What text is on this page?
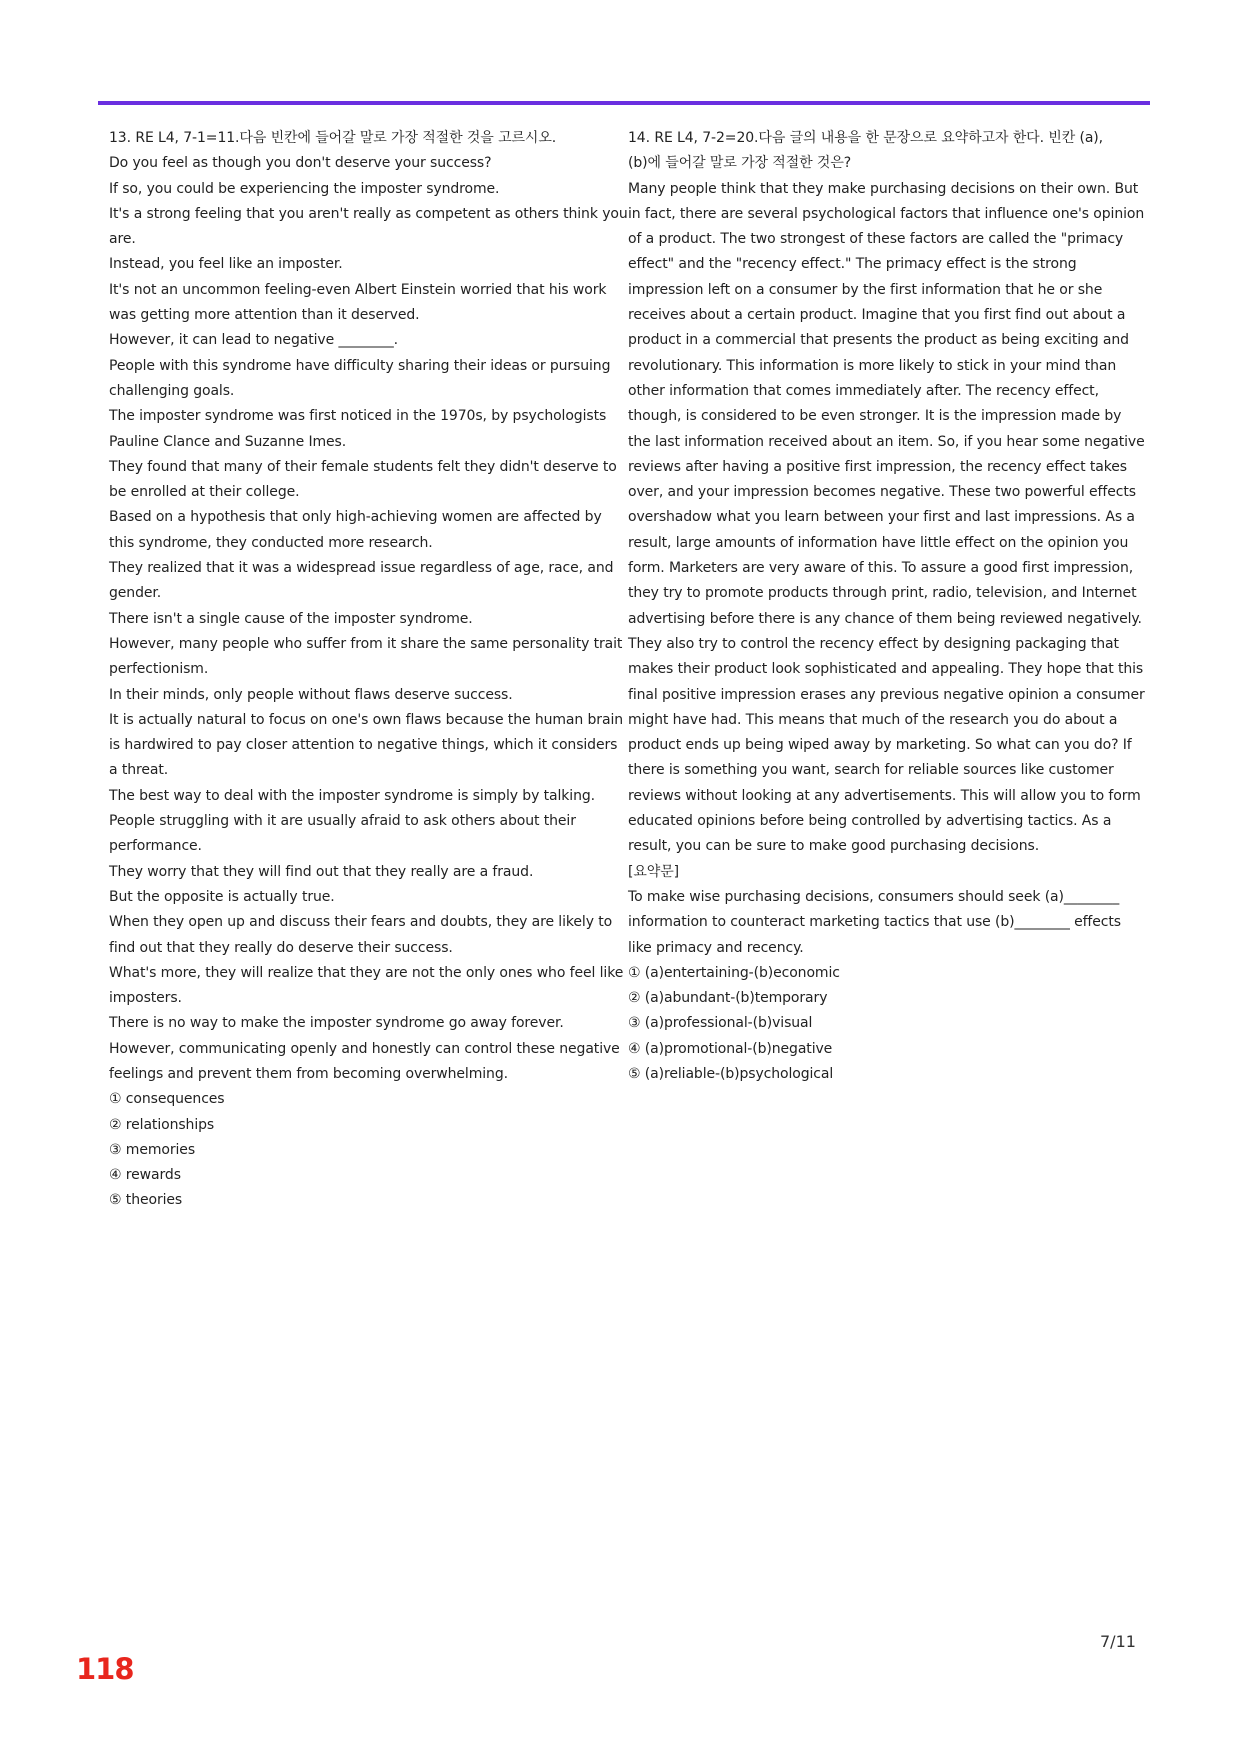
13. RE L4, 7-1=11.다음 빈칸에 들어갈 말로 가장 적절한 것을 고르시오.
Do you feel as though you don't deserve your success?
If so, you could be experiencing the imposter syndrome.
It's a strong feeling that you aren't really as competent as others think you
are.
Instead, you feel like an imposter.
It's not an uncommon feeling-even Albert Einstein worried that his work
was getting more attention than it deserved.
However, it can lead to negative ________.
People with this syndrome have difficulty sharing their ideas or pursuing
challenging goals.
The imposter syndrome was first noticed in the 1970s, by psychologists
Pauline Clance and Suzanne Imes.
They found that many of their female students felt they didn't deserve to
be enrolled at their college.
Based on a hypothesis that only high-achieving women are affected by
this syndrome, they conducted more research.
They realized that it was a widespread issue regardless of age, race, and
gender.
There isn't a single cause of the imposter syndrome.
However, many people who suffer from it share the same personality trait
perfectionism.
In their minds, only people without flaws deserve success.
It is actually natural to focus on one's own flaws because the human brain
is hardwired to pay closer attention to negative things, which it considers
a threat.
The best way to deal with the imposter syndrome is simply by talking.
People struggling with it are usually afraid to ask others about their
performance.
They worry that they will find out that they really are a fraud.
But the opposite is actually true.
When they open up and discuss their fears and doubts, they are likely to
find out that they really do deserve their success.
What's more, they will realize that they are not the only ones who feel like
imposters.
There is no way to make the imposter syndrome go away forever.
However, communicating openly and honestly can control these negative
feelings and prevent them from becoming overwhelming.
① consequences
② relationships
③ memories
④ rewards
⑤ theories
14. RE L4, 7-2=20.다음 글의 내용을 한 문장으로 요약하고자 한다. 빈칸 (a),
(b)에 들어갈 말로 가장 적절한 것은?
Many people think that they make purchasing decisions on their own. But
in fact, there are several psychological factors that influence one's opinion
of a product. The two strongest of these factors are called the "primacy
effect" and the "recency effect." The primacy effect is the strong
impression left on a consumer by the first information that he or she
receives about a certain product. Imagine that you first find out about a
product in a commercial that presents the product as being exciting and
revolutionary. This information is more likely to stick in your mind than
other information that comes immediately after. The recency effect,
though, is considered to be even stronger. It is the impression made by
the last information received about an item. So, if you hear some negative
reviews after having a positive first impression, the recency effect takes
over, and your impression becomes negative. These two powerful effects
overshadow what you learn between your first and last impressions. As a
result, large amounts of information have little effect on the opinion you
form. Marketers are very aware of this. To assure a good first impression,
they try to promote products through print, radio, television, and Internet
advertising before there is any chance of them being reviewed negatively.
They also try to control the recency effect by designing packaging that
makes their product look sophisticated and appealing. They hope that this
final positive impression erases any previous negative opinion a consumer
might have had. This means that much of the research you do about a
product ends up being wiped away by marketing. So what can you do? If
there is something you want, search for reliable sources like customer
reviews without looking at any advertisements. This will allow you to form
educated opinions before being controlled by advertising tactics. As a
result, you can be sure to make good purchasing decisions.
[요약문]
To make wise purchasing decisions, consumers should seek (a)________
information to counteract marketing tactics that use (b)________ effects
like primacy and recency.
① (a)entertaining-(b)economic
② (a)abundant-(b)temporary
③ (a)professional-(b)visual
④ (a)promotional-(b)negative
⑤ (a)reliable-(b)psychological
7/11
118
